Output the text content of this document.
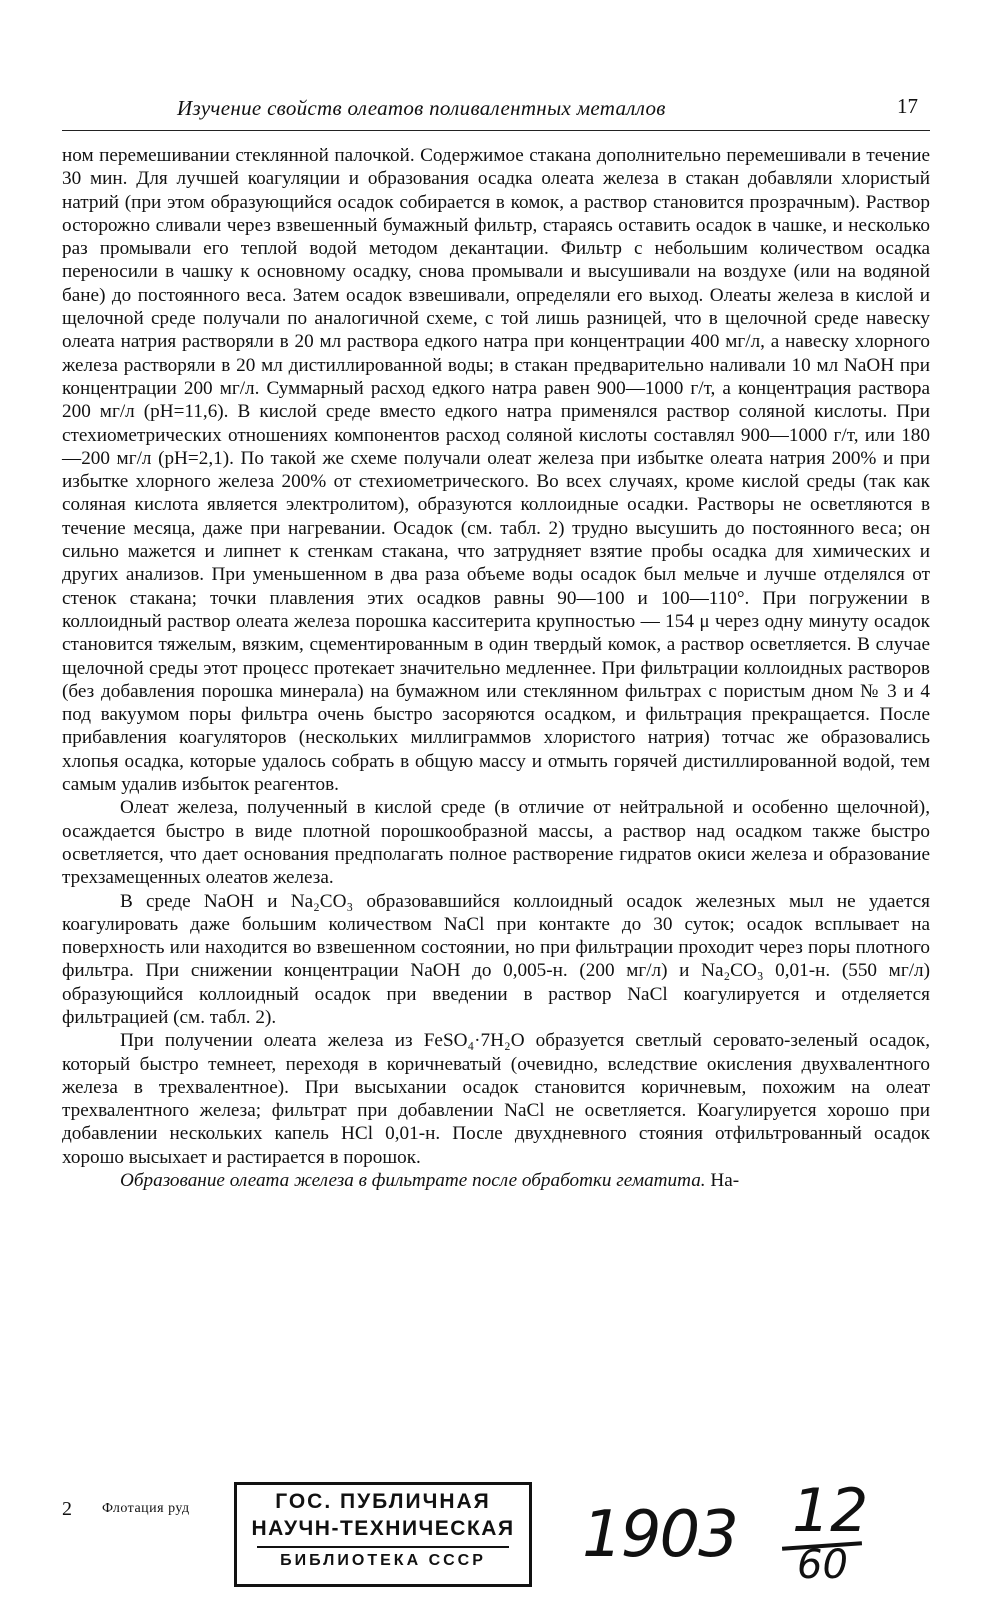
Изучение свойств олеатов поливалентных металлов	17

ном перемешивании стеклянной палочкой. Содержимое стакана дополнительно перемешивали в течение 30 мин. Для лучшей коагуляции и образования осадка олеата железа в стакан добавляли хлористый натрий (при этом образующийся осадок собирается в комок, а раствор становится прозрачным). Раствор осторожно сливали через взвешенный бумажный фильтр, стараясь оставить осадок в чашке, и несколько раз промывали его теплой водой методом декантации. Фильтр с небольшим количеством осадка переносили в чашку к основному осадку, снова промывали и высушивали на воздухе (или на водяной бане) до постоянного веса. Затем осадок взвешивали, определяли его выход. Олеаты железа в кислой и щелочной среде получали по аналогичной схеме, с той лишь разницей, что в щелочной среде навеску олеата натрия растворяли в 20 мл раствора едкого натра при концентрации 400 мг/л, а навеску хлорного железа растворяли в 20 мл дистиллированной воды; в стакан предварительно наливали 10 мл NaOH при концентрации 200 мг/л. Суммарный расход едкого натра равен 900—1000 г/т, а концентрация раствора 200 мг/л (pH=11,6). В кислой среде вместо едкого натра применялся раствор соляной кислоты. При стехиометрических отношениях компонентов расход соляной кислоты составлял 900—1000 г/т, или 180—200 мг/л (pH=2,1). По такой же схеме получали олеат железа при избытке олеата натрия 200% и при избытке хлорного железа 200% от стехиометрического. Во всех случаях, кроме кислой среды (так как соляная кислота является электролитом), образуются коллоидные осадки. Растворы не осветляются в течение месяца, даже при нагревании. Осадок (см. табл. 2) трудно высушить до постоянного веса; он сильно мажется и липнет к стенкам стакана, что затрудняет взятие пробы осадка для химических и других анализов. При уменьшенном в два раза объеме воды осадок был мельче и лучше отделялся от стенок стакана; точки плавления этих осадков равны 90—100 и 100—110°. При погружении в коллоидный раствор олеата железа порошка касситерита крупностью — 154 μ через одну минуту осадок становится тяжелым, вязким, сцементированным в один твердый комок, а раствор осветляется. В случае щелочной среды этот процесс протекает значительно медленнее. При фильтрации коллоидных растворов (без добавления порошка минерала) на бумажном или стеклянном фильтрах с пористым дном № 3 и 4 под вакуумом поры фильтра очень быстро засоряются осадком, и фильтрация прекращается. После прибавления коагуляторов (нескольких миллиграммов хлористого натрия) тотчас же образовались хлопья осадка, которые удалось собрать в общую массу и отмыть горячей дистиллированной водой, тем самым удалив избыток реагентов.

Олеат железа, полученный в кислой среде (в отличие от нейтральной и особенно щелочной), осаждается быстро в виде плотной порошкообразной массы, а раствор над осадком также быстро осветляется, что дает основания предполагать полное растворение гидратов окиси железа и образование трехзамещенных олеатов железа.

В среде NaOH и Na₂CO₃ образовавшийся коллоидный осадок железных мыл не удается коагулировать даже большим количеством NaCl при контакте до 30 суток; осадок всплывает на поверхность или находится во взвешенном состоянии, но при фильтрации проходит через поры плотного фильтра. При снижении концентрации NaOH до 0,005-н. (200 мг/л) и Na₂CO₃ 0,01-н. (550 мг/л) образующийся коллоидный осадок при введении в раствор NaCl коагулируется и отделяется фильтрацией (см. табл. 2).

При получении олеата железа из FeSO₄·7H₂O образуется светлый серовато-зеленый осадок, который быстро темнеет, переходя в коричневатый (очевидно, вследствие окисления двухвалентного железа в трехвалентное). При высыхании осадок становится коричневым, похожим на олеат трехвалентного железа; фильтрат при добавлении NaCl не осветляется. Коагулируется хорошо при добавлении нескольких капель HCl 0,01-н. После двухдневного стояния отфильтрованный осадок хорошо высыхает и растирается в порошок.

Образование олеата железа в фильтрате после обработки гематита. На-

2 Флотация руд	ГОС. ПУБЛИЧНАЯ
НАУЧН-ТЕХНИЧЕСКАЯ
БИБЛИОТЕКА СССР	1903 12
60
